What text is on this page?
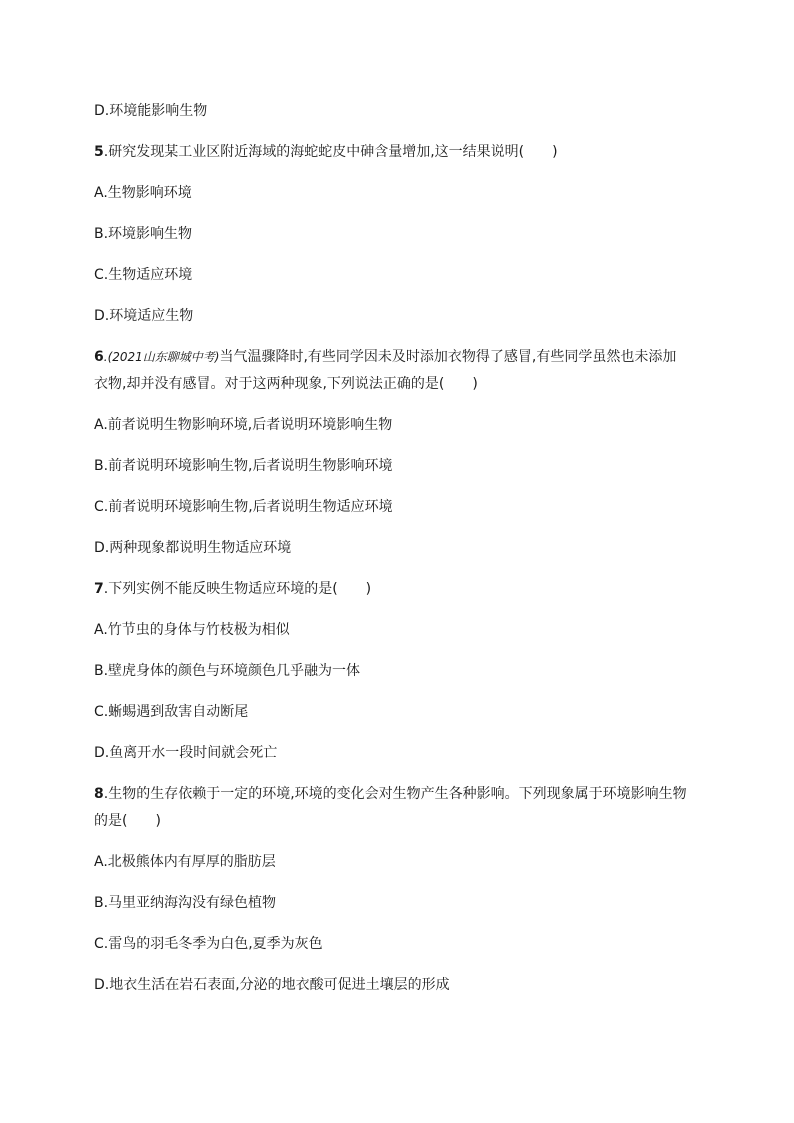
D.环境能影响生物
5.研究发现某工业区附近海域的海蛇蛇皮中砷含量增加,这一结果说明(　　)
A.生物影响环境
B.环境影响生物
C.生物适应环境
D.环境适应生物
6.(2021山东聊城中考)当气温骤降时,有些同学因未及时添加衣物得了感冒,有些同学虽然也未添加
衣物,却并没有感冒。对于这两种现象,下列说法正确的是(　　)
A.前者说明生物影响环境,后者说明环境影响生物
B.前者说明环境影响生物,后者说明生物影响环境
C.前者说明环境影响生物,后者说明生物适应环境
D.两种现象都说明生物适应环境
7.下列实例不能反映生物适应环境的是(　　)
A.竹节虫的身体与竹枝极为相似
B.壁虎身体的颜色与环境颜色几乎融为一体
C.蜥蜴遇到敌害自动断尾
D.鱼离开水一段时间就会死亡
8.生物的生存依赖于一定的环境,环境的变化会对生物产生各种影响。下列现象属于环境影响生物
的是(　　)
A.北极熊体内有厚厚的脂肪层
B.马里亚纳海沟没有绿色植物
C.雷鸟的羽毛冬季为白色,夏季为灰色
D.地衣生活在岩石表面,分泌的地衣酸可促进土壤层的形成
